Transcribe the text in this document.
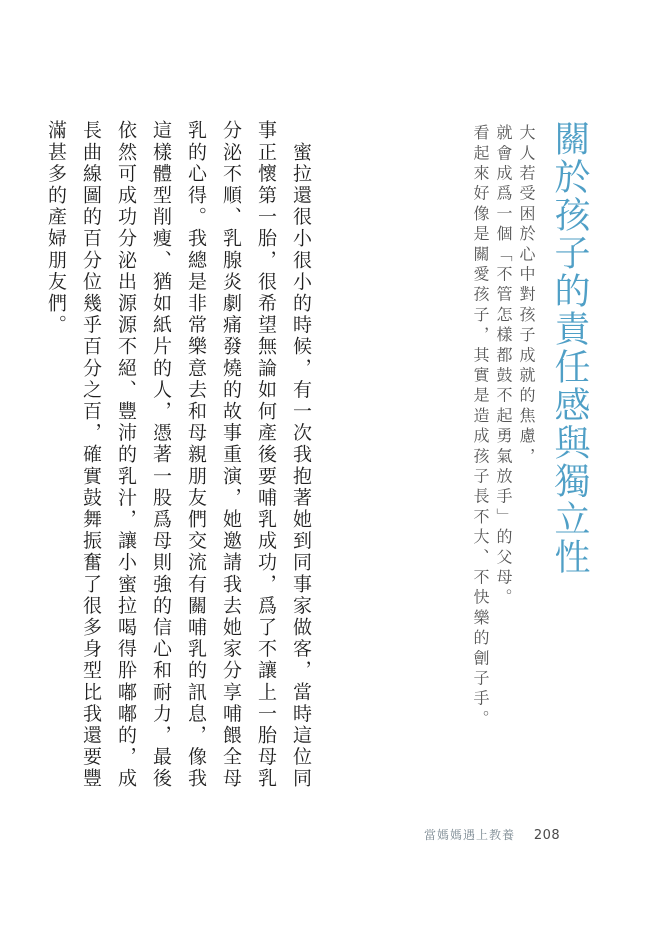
關於孩子的責任感與獨立性
大人若受困於心中對孩子成就的焦慮，
就會成爲一個「不管怎樣都鼓不起勇氣放手」的父母。
看起來好像是關愛孩子，其實是造成孩子長不大、不快樂的劊子手。
　蜜拉還很小很小的時候，有一次我抱著她到同事家做客，當時這位同事正懷第一胎，很希望無論如何產後要哺乳成功，爲了不讓上一胎母乳分泌不順、乳腺炎劇痛發燒的故事重演，她邀請我去她家分享哺餵全母乳的心得。我總是非常樂意去和母親朋友們交流有關哺乳的訊息，像我這樣體型削瘦、猶如紙片的人，憑著一股爲母則強的信心和耐力，最後依然可成功分泌出源源不絕、豐沛的乳汁，讓小蜜拉喝得肸嘟嘟的，成長曲線圖的百分位幾乎百分之百，確實鼓舞振奮了很多身型比我還要豐滿甚多的產婦朋友們。
當媽媽遇上教養 208
